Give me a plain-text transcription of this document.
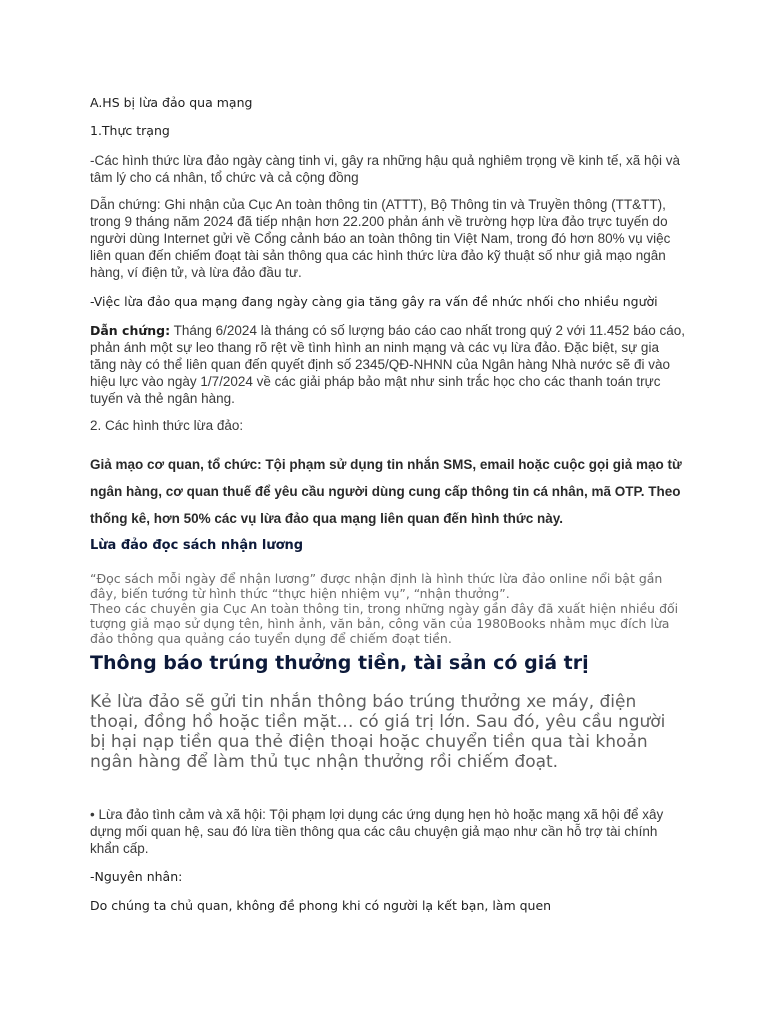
A.HS bị lừa đảo qua mạng

1.Thực trạng

-Các hình thức lừa đảo ngày càng tinh vi, gây ra những hậu quả nghiêm trọng về kinh tế, xã hội và tâm lý cho cá nhân, tổ chức và cả cộng đồng

Dẫn chứng: Ghi nhận của Cục An toàn thông tin (ATTT), Bộ Thông tin và Truyền thông (TT&TT), trong 9 tháng năm 2024 đã tiếp nhận hơn 22.200 phản ánh về trường hợp lừa đảo trực tuyến do người dùng Internet gửi về Cổng cảnh báo an toàn thông tin Việt Nam, trong đó hơn 80% vụ việc liên quan đến chiếm đoạt tài sản thông qua các hình thức lừa đảo kỹ thuật số như giả mạo ngân hàng, ví điện tử, và lừa đảo đầu tư.

-Việc lừa đảo qua mạng đang ngày càng gia tăng gây ra vấn đề nhức nhối cho nhiều người

Dẫn chứng: Tháng 6/2024 là tháng có số lượng báo cáo cao nhất trong quý 2 với 11.452 báo cáo, phản ánh một sự leo thang rõ rệt về tình hình an ninh mạng và các vụ lừa đảo. Đặc biệt, sự gia tăng này có thể liên quan đến quyết định số 2345/QĐ-NHNN của Ngân hàng Nhà nước sẽ đi vào hiệu lực vào ngày 1/7/2024 về các giải pháp bảo mật như sinh trắc học cho các thanh toán trực tuyến và thẻ ngân hàng.

2. Các hình thức lừa đảo:

Giả mạo cơ quan, tổ chức: Tội phạm sử dụng tin nhắn SMS, email hoặc cuộc gọi giả mạo từ ngân hàng, cơ quan thuế để yêu cầu người dùng cung cấp thông tin cá nhân, mã OTP. Theo thống kê, hơn 50% các vụ lừa đảo qua mạng liên quan đến hình thức này.

Lừa đảo đọc sách nhận lương

“Đọc sách mỗi ngày để nhận lương” được nhận định là hình thức lừa đảo online nổi bật gần đây, biến tướng từ hình thức “thực hiện nhiệm vụ”, “nhận thưởng”.

Theo các chuyên gia Cục An toàn thông tin, trong những ngày gần đây đã xuất hiện nhiều đối tượng giả mạo sử dụng tên, hình ảnh, văn bản, công văn của 1980Books nhằm mục đích lừa đảo thông qua quảng cáo tuyển dụng để chiếm đoạt tiền.

Thông báo trúng thưởng tiền, tài sản có giá trị

Kẻ lừa đảo sẽ gửi tin nhắn thông báo trúng thưởng xe máy, điện thoại, đồng hồ hoặc tiền mặt… có giá trị lớn. Sau đó, yêu cầu người bị hại nạp tiền qua thẻ điện thoại hoặc chuyển tiền qua tài khoản ngân hàng để làm thủ tục nhận thưởng rồi chiếm đoạt.

• Lừa đảo tình cảm và xã hội: Tội phạm lợi dụng các ứng dụng hẹn hò hoặc mạng xã hội để xây dựng mối quan hệ, sau đó lừa tiền thông qua các câu chuyện giả mạo như cần hỗ trợ tài chính khẩn cấp.

-Nguyên nhân:

Do chúng ta chủ quan, không đề phong khi có người lạ kết bạn, làm quen
